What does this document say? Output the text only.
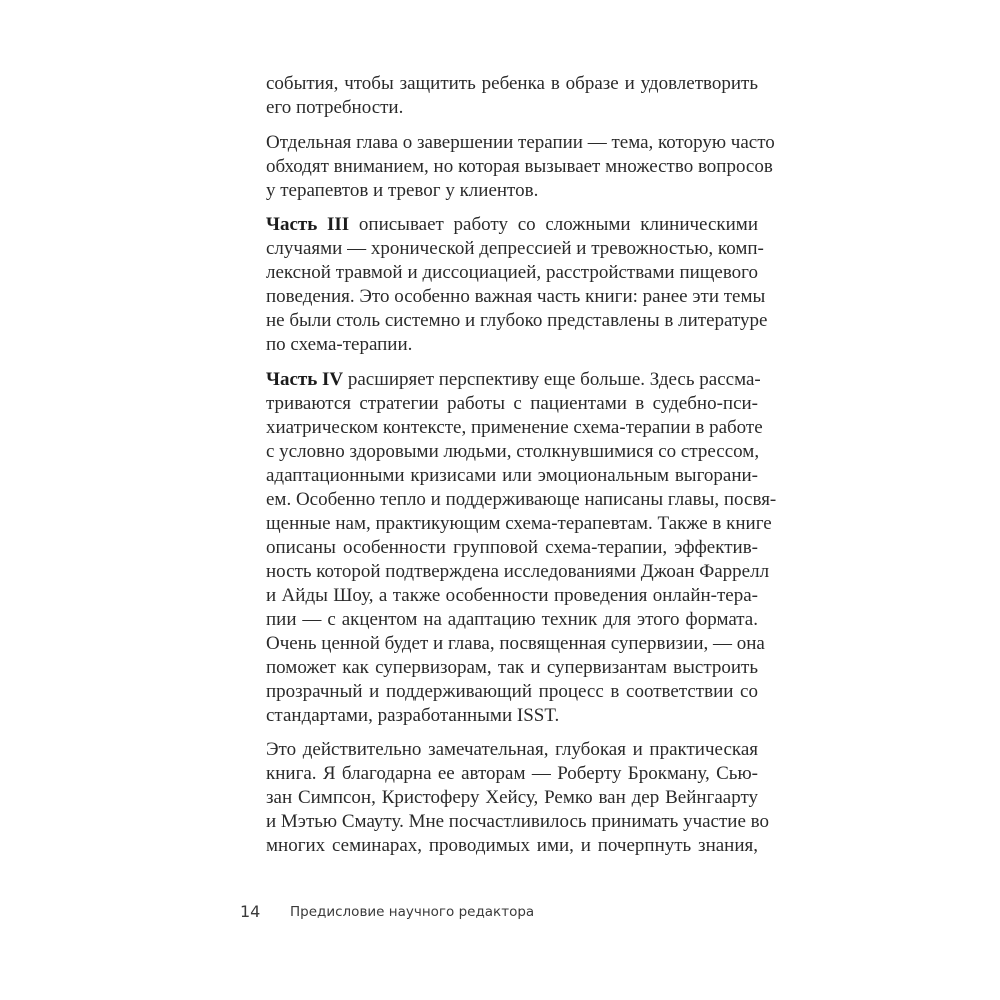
события, чтобы защитить ребенка в образе и удовлетворить
его потребности.
Отдельная глава о завершении терапии — тема, которую часто
обходят вниманием, но которая вызывает множество вопросов
у терапевтов и тревог у клиентов.
Часть III описывает работу со сложными клиническими
случаями — хронической депрессией и тревожностью, комп-
лексной травмой и диссоциацией, расстройствами пищевого
поведения. Это особенно важная часть книги: ранее эти темы
не были столь системно и глубоко представлены в литературе
по схема-терапии.
Часть IV расширяет перспективу еще больше. Здесь рассма-
триваются стратегии работы с пациентами в судебно-пси-
хиатрическом контексте, применение схема-терапии в работе
с условно здоровыми людьми, столкнувшимися со стрессом,
адаптационными кризисами или эмоциональным выгорани-
ем. Особенно тепло и поддерживающе написаны главы, посвя-
щенные нам, практикующим схема-терапевтам. Также в книге
описаны особенности групповой схема-терапии, эффектив-
ность которой подтверждена исследованиями Джоан Фаррелл
и Айды Шоу, а также особенности проведения онлайн-тера-
пии — с акцентом на адаптацию техник для этого формата.
Очень ценной будет и глава, посвященная супервизии, — она
поможет как супервизорам, так и супервизантам выстроить
прозрачный и поддерживающий процесс в соответствии со
стандартами, разработанными ISST.
Это действительно замечательная, глубокая и практическая
книга. Я благодарна ее авторам — Роберту Брокману, Сью-
зан Симпсон, Кристоферу Хейсу, Ремко ван дер Вейнгаарту
и Мэтью Смауту. Мне посчастливилось принимать участие во
многих семинарах, проводимых ими, и почерпнуть знания,
14 Предисловие научного редактора
